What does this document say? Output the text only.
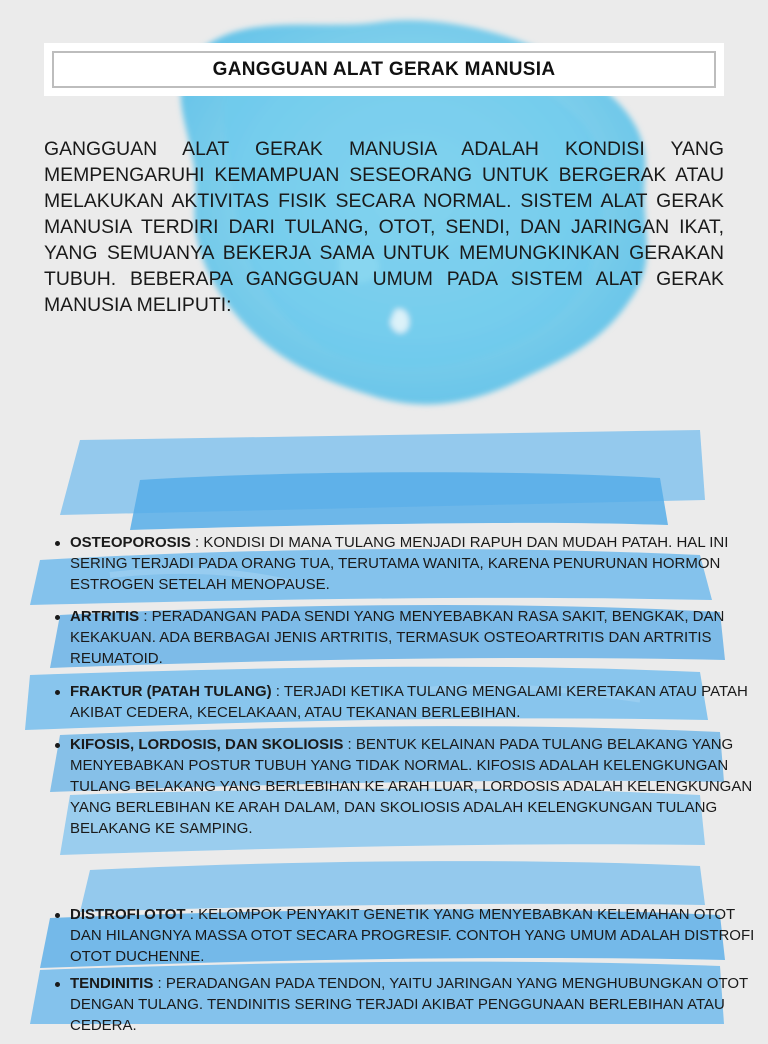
GANGGUAN ALAT GERAK MANUSIA

GANGGUAN ALAT GERAK MANUSIA ADALAH KONDISI YANG MEMPENGARUHI KEMAMPUAN SESEORANG UNTUK BERGERAK ATAU MELAKUKAN AKTIVITAS FISIK SECARA NORMAL. SISTEM ALAT GERAK MANUSIA TERDIRI DARI TULANG, OTOT, SENDI, DAN JARINGAN IKAT, YANG SEMUANYA BEKERJA SAMA UNTUK MEMUNGKINKAN GERAKAN TUBUH. BEBERAPA GANGGUAN UMUM PADA SISTEM ALAT GERAK MANUSIA MELIPUTI:

OSTEOPOROSIS : KONDISI DI MANA TULANG MENJADI RAPUH DAN MUDAH PATAH. HAL INI SERING TERJADI PADA ORANG TUA, TERUTAMA WANITA, KARENA PENURUNAN HORMON ESTROGEN SETELAH MENOPAUSE.
ARTRITIS : PERADANGAN PADA SENDI YANG MENYEBABKAN RASA SAKIT, BENGKAK, DAN KEKAKUAN. ADA BERBAGAI JENIS ARTRITIS, TERMASUK OSTEOARTRITIS DAN ARTRITIS REUMATOID.
FRAKTUR (PATAH TULANG) : TERJADI KETIKA TULANG MENGALAMI KERETAKAN ATAU PATAH AKIBAT CEDERA, KECELAKAAN, ATAU TEKANAN BERLEBIHAN.
KIFOSIS, LORDOSIS, DAN SKOLIOSIS : BENTUK KELAINAN PADA TULANG BELAKANG YANG MENYEBABKAN POSTUR TUBUH YANG TIDAK NORMAL. KIFOSIS ADALAH KELENGKUNGAN TULANG BELAKANG YANG BERLEBIHAN KE ARAH LUAR, LORDOSIS ADALAH KELENGKUNGAN YANG BERLEBIHAN KE ARAH DALAM, DAN SKOLIOSIS ADALAH KELENGKUNGAN TULANG BELAKANG KE SAMPING.
DISTROFI OTOT : KELOMPOK PENYAKIT GENETIK YANG MENYEBABKAN KELEMAHAN OTOT DAN HILANGNYA MASSA OTOT SECARA PROGRESIF. CONTOH YANG UMUM ADALAH DISTROFI OTOT DUCHENNE.
TENDINITIS : PERADANGAN PADA TENDON, YAITU JARINGAN YANG MENGHUBUNGKAN OTOT DENGAN TULANG. TENDINITIS SERING TERJADI AKIBAT PENGGUNAAN BERLEBIHAN ATAU CEDERA.
